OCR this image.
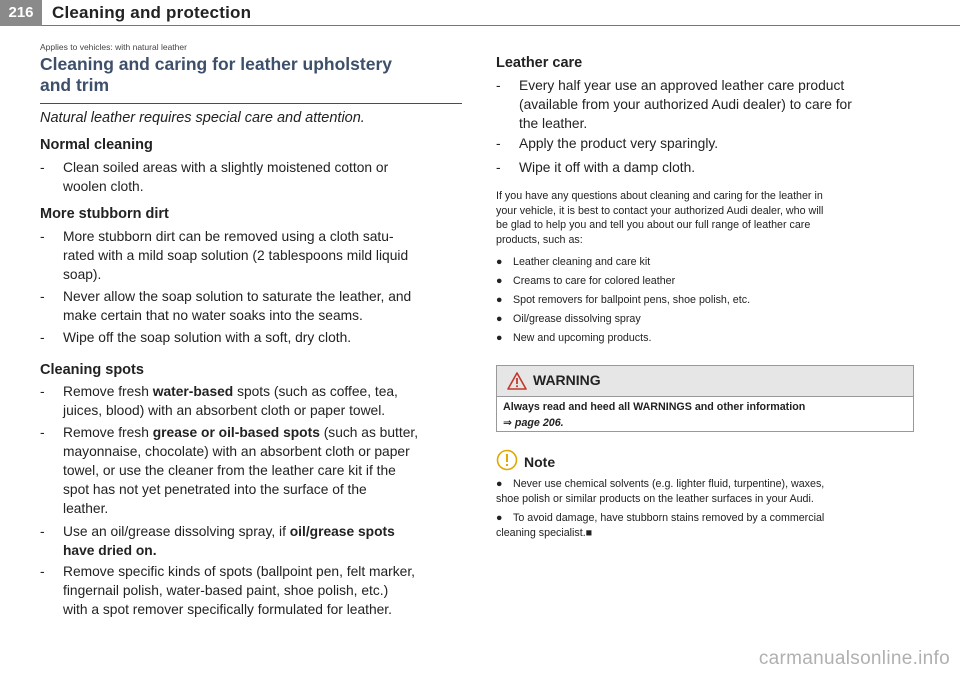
216	Cleaning and protection
Applies to vehicles: with natural leather
Cleaning and caring for leather upholstery
and trim
Natural leather requires special care and attention.
Normal cleaning
- Clean soiled areas with a slightly moistened cotton or
woolen cloth.
More stubborn dirt
- More stubborn dirt can be removed using a cloth satu-
rated with a mild soap solution (2 tablespoons mild liquid
soap).
- Never allow the soap solution to saturate the leather, and
make certain that no water soaks into the seams.
- Wipe off the soap solution with a soft, dry cloth.
Cleaning spots
- Remove fresh water-based spots (such as coffee, tea,
juices, blood) with an absorbent cloth or paper towel.
- Remove fresh grease or oil-based spots (such as butter,
mayonnaise, chocolate) with an absorbent cloth or paper
towel, or use the cleaner from the leather care kit if the
spot has not yet penetrated into the surface of the
leather.
- Use an oil/grease dissolving spray, if oil/grease spots
have dried on.
- Remove specific kinds of spots (ballpoint pen, felt marker,
fingernail polish, water-based paint, shoe polish, etc.)
with a spot remover specifically formulated for leather.
Leather care
- Every half year use an approved leather care product
(available from your authorized Audi dealer) to care for
the leather.
- Apply the product very sparingly.
- Wipe it off with a damp cloth.
If you have any questions about cleaning and caring for the leather in
your vehicle, it is best to contact your authorized Audi dealer, who will
be glad to help you and tell you about our full range of leather care
products, such as:
● Leather cleaning and care kit
● Creams to care for colored leather
● Spot removers for ballpoint pens, shoe polish, etc.
● Oil/grease dissolving spray
● New and upcoming products.
WARNING
Always read and heed all WARNINGS and other information
⇒ page 206.
Note
● Never use chemical solvents (e.g. lighter fluid, turpentine), waxes,
shoe polish or similar products on the leather surfaces in your Audi.
● To avoid damage, have stubborn stains removed by a commercial
cleaning specialist.■
carmanualsonline.info
